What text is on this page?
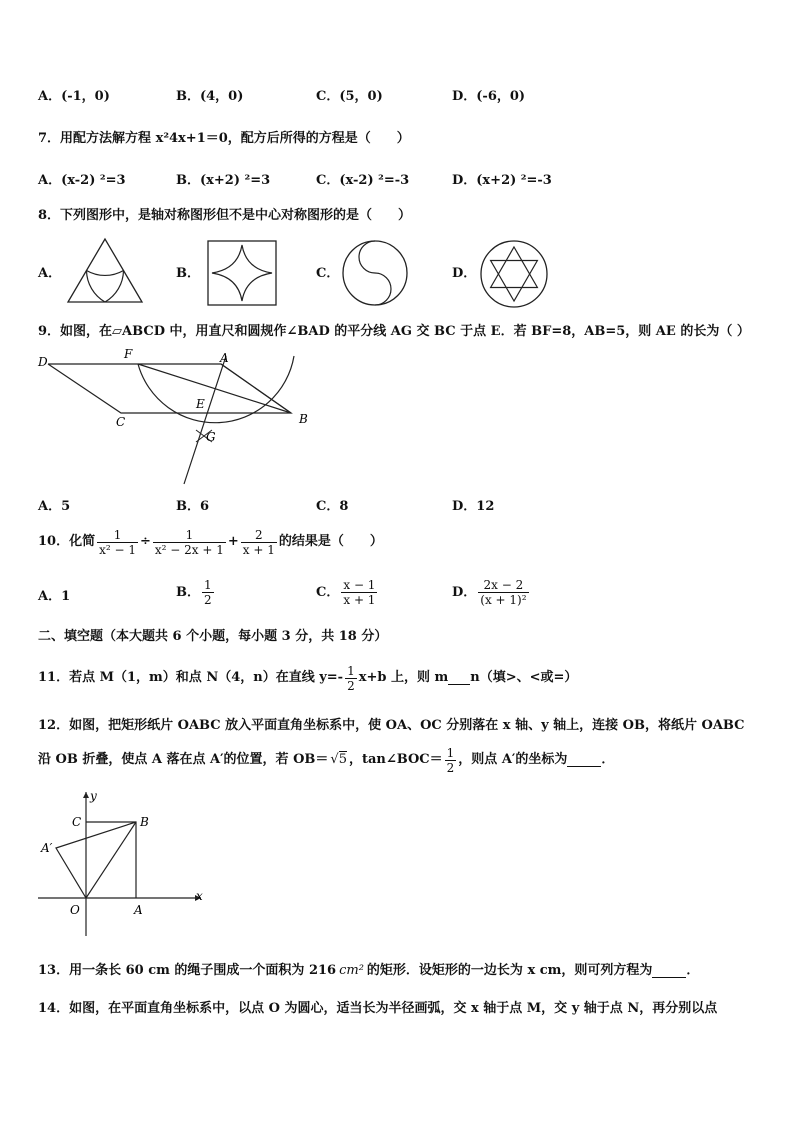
A．(-1，0)	B．(4，0)	C．(5，0)	D．(-6，0)
7．用配方法解方程 x²4x+1＝0，配方后所得的方程是（　　）
A．(x-2) ²=3	B．(x+2) ²=3	C．(x-2) ²=-3	D．(x+2) ²=-3
8．下列图形中，是轴对称图形但不是中心对称图形的是（　　）
A．	B．	C．	D．
9．如图，在▱ABCD 中，用直尺和圆规作∠BAD 的平分线 AG 交 BC 于点 E．若 BF=8，AB=5，则 AE 的长为（ ）
D
F	A
E
B
C
G
A．5	B．6	C．8	D．12
10．化简 $\frac{1}{\text{x² − 1}} \div \frac{1}{\text{x² − 2x + 1}} + \frac{2}{x + 1}$ 的结果是（　　）
A．1	B． $\frac{1}{2}$	C． $\frac{x - 1}{x + 1}$	D． $\frac{2x - 2}{\text{(x + 1)²}}$
二、填空题（本大题共 6 个小题，每小题 3 分，共 18 分）
11．若点 M（1，m）和点 N（4，n）在直线 $y=- \frac{1}{2} x+b$ 上，则 m n（填>、<或=）
12．如图，把矩形纸片 OABC 放入平面直角坐标系中，使 OA、OC 分别落在 x 轴、y 轴上，连接 OB，将纸片 OABC
沿 OB 折叠，使点 A 落在点 A′的位置，若 OB＝ √5 ，tan∠BOC＝ $\frac{1}{2}$ ，则点 A′的坐标为	．
y
x
C	B
A′
O	A
13．用一条长 60 cm 的绳子围成一个面积为 216 cm² 的矩形．设矩形的一边长为 x cm，则可列方程为	．
14．如图，在平面直角坐标系中，以点 O 为圆心，适当长为半径画弧，交 x 轴于点 M，交 y 轴于点 N，再分别以点
